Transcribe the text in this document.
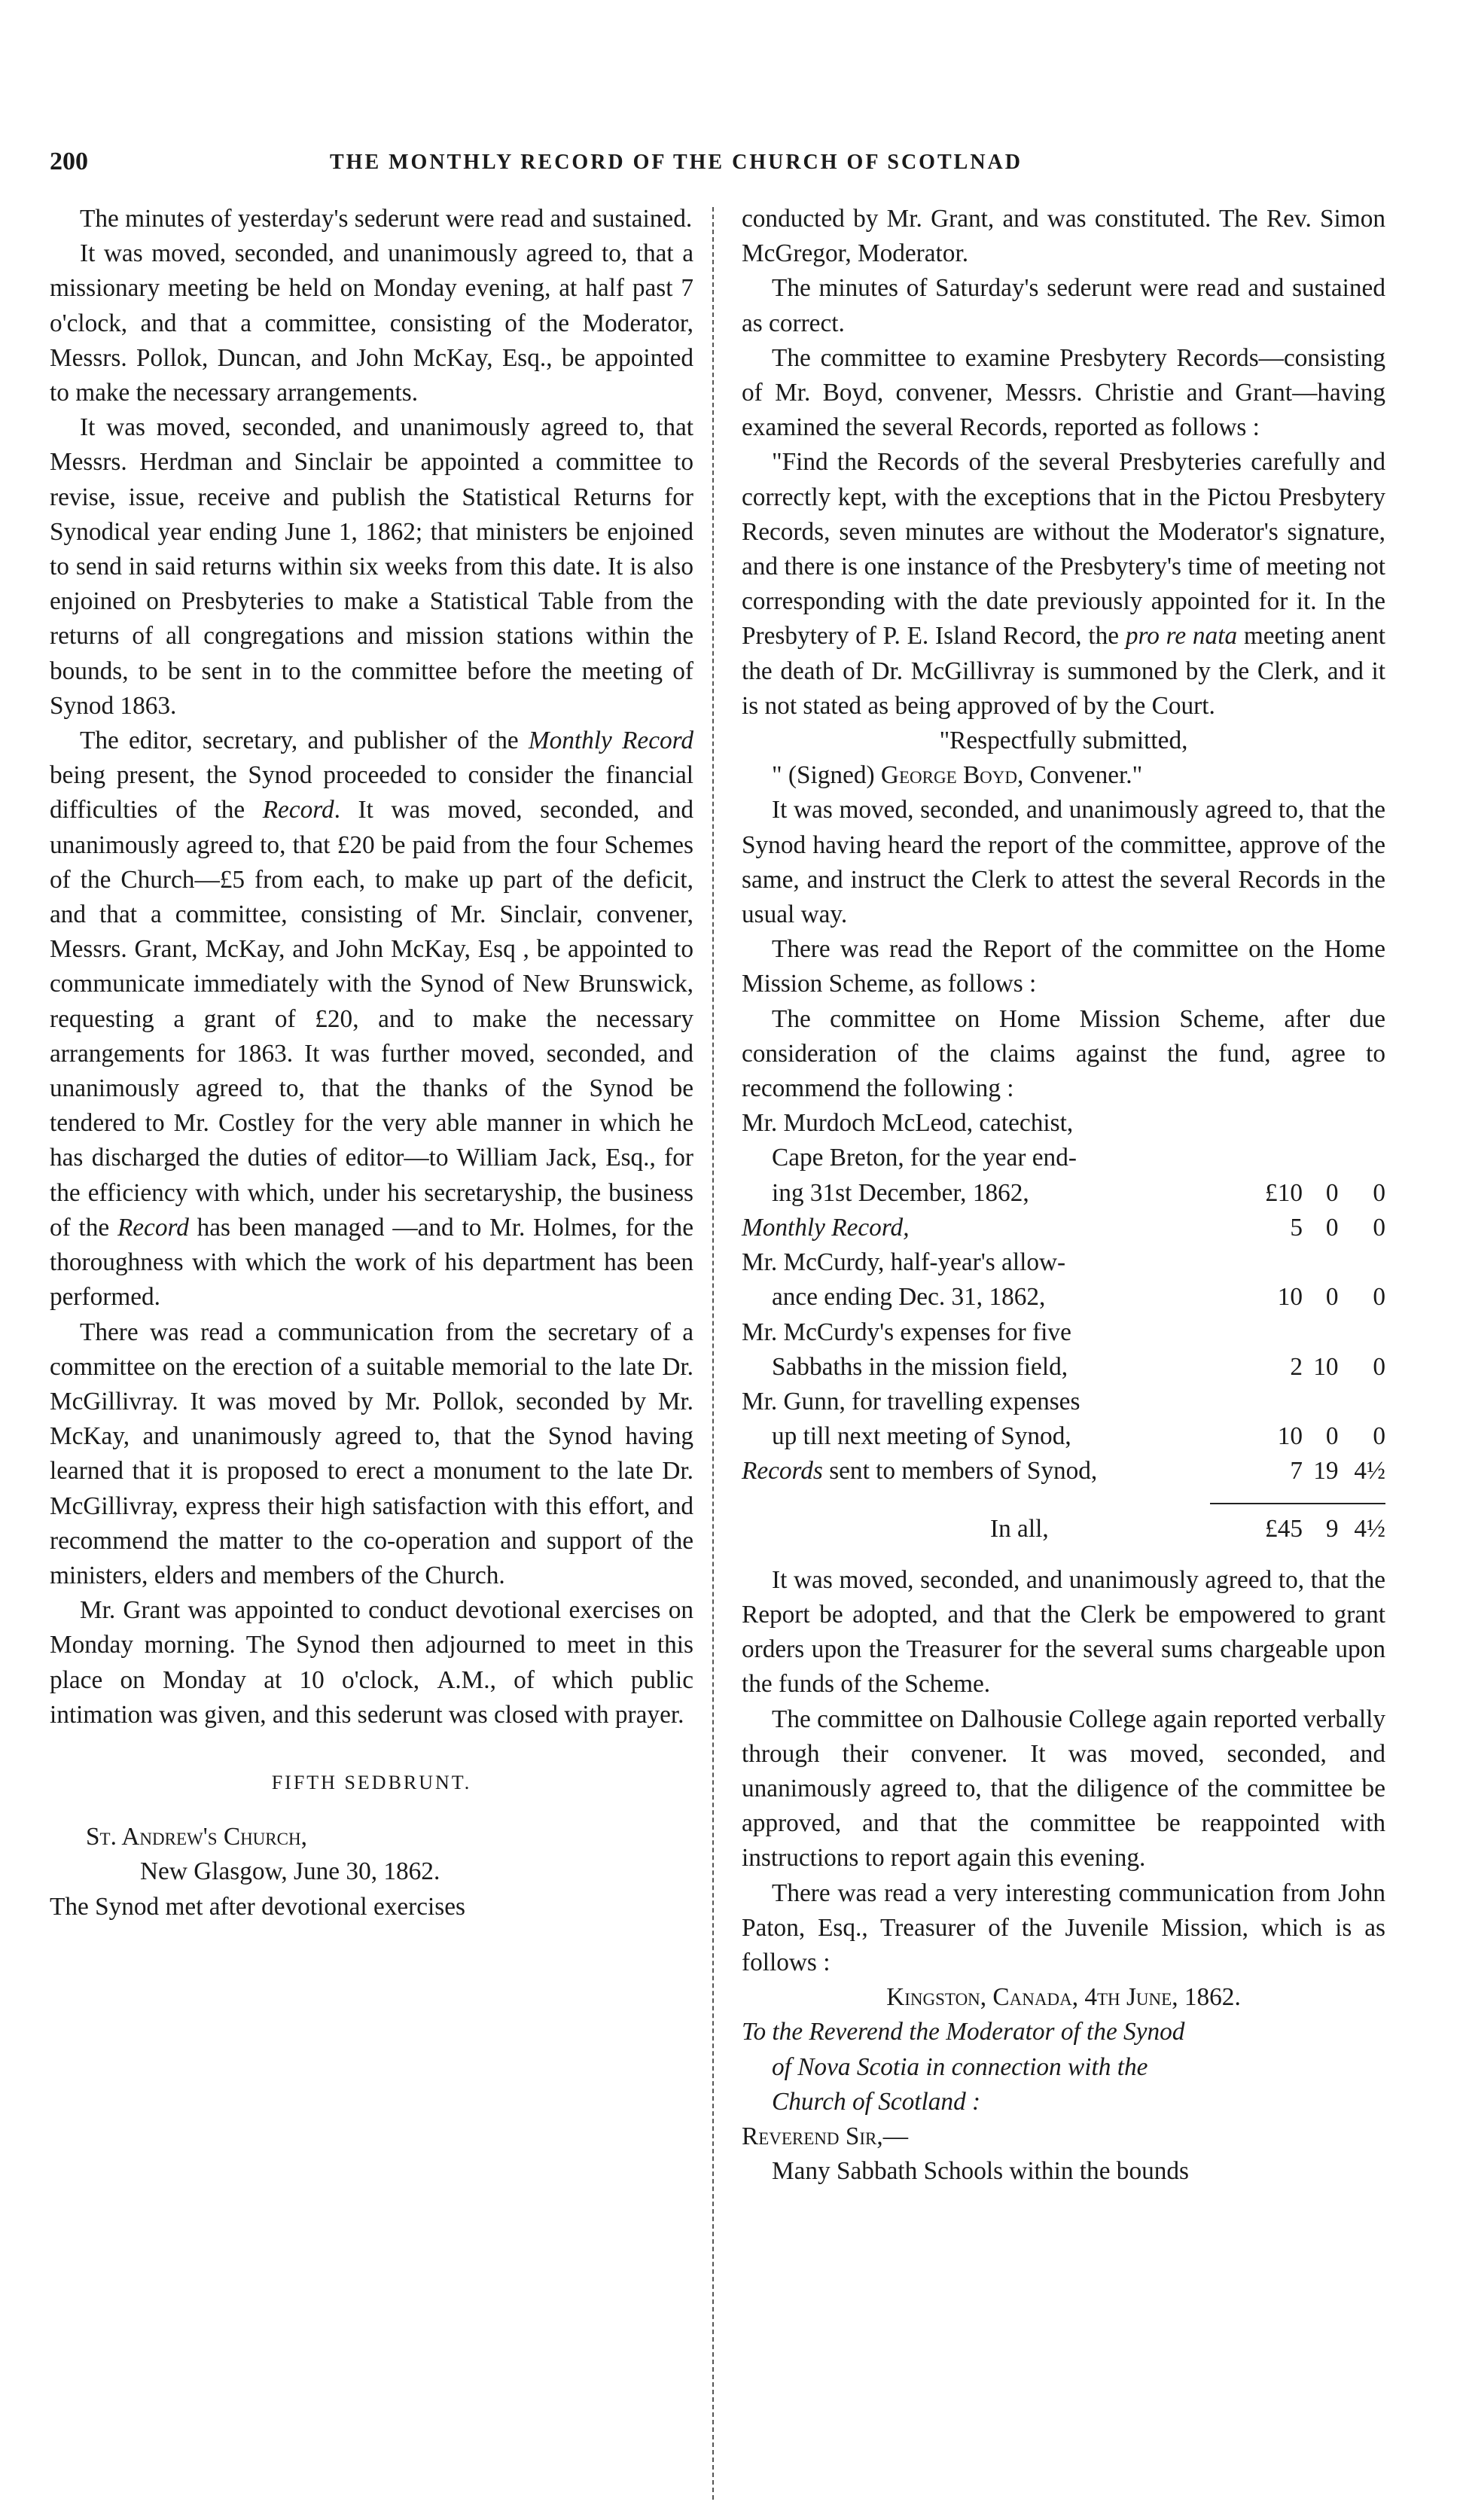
200	THE MONTHLY RECORD OF THE CHURCH OF SCOTLNAD

The minutes of yesterday's sederunt were read and sustained.

It was moved, seconded, and unanimously agreed to, that a missionary meeting be held on Monday evening, at half past 7 o'clock, and that a committee, consisting of the Moderator, Messrs. Pollok, Duncan, and John McKay, Esq., be appointed to make the necessary arrangements.

It was moved, seconded, and unanimously agreed to, that Messrs. Herdman and Sinclair be appointed a committee to revise, issue, receive and publish the Statistical Returns for Synodical year ending June 1, 1862; that ministers be enjoined to send in said returns within six weeks from this date. It is also enjoined on Presbyteries to make a Statistical Table from the returns of all congregations and mission stations within the bounds, to be sent in to the committee before the meeting of Synod 1863.

The editor, secretary, and publisher of the Monthly Record being present, the Synod proceeded to consider the financial difficulties of the Record. It was moved, seconded, and unanimously agreed to, that £20 be paid from the four Schemes of the Church—£5 from each, to make up part of the deficit, and that a committee, consisting of Mr. Sinclair, convener, Messrs. Grant, McKay, and John McKay, Esq , be appointed to communicate immediately with the Synod of New Brunswick, requesting a grant of £20, and to make the necessary arrangements for 1863. It was further moved, seconded, and unanimously agreed to, that the thanks of the Synod be tendered to Mr. Costley for the very able manner in which he has discharged the duties of editor—to William Jack, Esq., for the efficiency with which, under his secretaryship, the business of the Record has been managed —and to Mr. Holmes, for the thoroughness with which the work of his department has been performed.

There was read a communication from the secretary of a committee on the erection of a suitable memorial to the late Dr. McGillivray. It was moved by Mr. Pollok, seconded by Mr. McKay, and unanimously agreed to, that the Synod having learned that it is proposed to erect a monument to the late Dr. McGillivray, express their high satisfaction with this effort, and recommend the matter to the co-operation and support of the ministers, elders and members of the Church.

Mr. Grant was appointed to conduct devotional exercises on Monday morning. The Synod then adjourned to meet in this place on Monday at 10 o'clock, A.M., of which public intimation was given, and this sederunt was closed with prayer.

FIFTH SEDBRUNT.

St. Andrew's Church,

New Glasgow, June 30, 1862.

The Synod met after devotional exercises

conducted by Mr. Grant, and was constituted. The Rev. Simon McGregor, Moderator.

The minutes of Saturday's sederunt were read and sustained as correct.

The committee to examine Presbytery Records—consisting of Mr. Boyd, convener, Messrs. Christie and Grant—having examined the several Records, reported as follows :

"Find the Records of the several Presbyteries carefully and correctly kept, with the exceptions that in the Pictou Presbytery Records, seven minutes are without the Moderator's signature, and there is one instance of the Presbytery's time of meeting not corresponding with the date previously appointed for it. In the Presbytery of P. E. Island Record, the pro re nata meeting anent the death of Dr. McGillivray is summoned by the Clerk, and it is not stated as being approved of by the Court.

"Respectfully submitted,

" (Signed) George Boyd, Convener."

It was moved, seconded, and unanimously agreed to, that the Synod having heard the report of the committee, approve of the same, and instruct the Clerk to attest the several Records in the usual way.

There was read the Report of the committee on the Home Mission Scheme, as follows :

The committee on Home Mission Scheme, after due consideration of the claims against the fund, agree to recommend the following :

Mr. Murdoch McLeod, catechist,
Cape Breton, for the year end-
ing 31st December, 1862,	£10 0	0
Monthly Record,	5 0	0
Mr. McCurdy, half-year's allow-
ance ending Dec. 31, 1862,	10 0	0
Mr. McCurdy's expenses for five
Sabbaths in the mission field,	2 10	0
Mr. Gunn, for travelling expenses
up till next meeting of Synod,	10 0	0
Records sent to members of Synod,	7 19 4½
In all,	£45 9 4½

It was moved, seconded, and unanimously agreed to, that the Report be adopted, and that the Clerk be empowered to grant orders upon the Treasurer for the several sums chargeable upon the funds of the Scheme.

The committee on Dalhousie College again reported verbally through their convener. It was moved, seconded, and unanimously agreed to, that the diligence of the committee be approved, and that the committee be reappointed with instructions to report again this evening.

There was read a very interesting communication from John Paton, Esq., Treasurer of the Juvenile Mission, which is as follows :

Kingston, Canada, 4th June, 1862.

To the Reverend the Moderator of the Synod

of Nova Scotia in connection with the

Church of Scotland :

Reverend Sir,—

Many Sabbath Schools within the bounds
